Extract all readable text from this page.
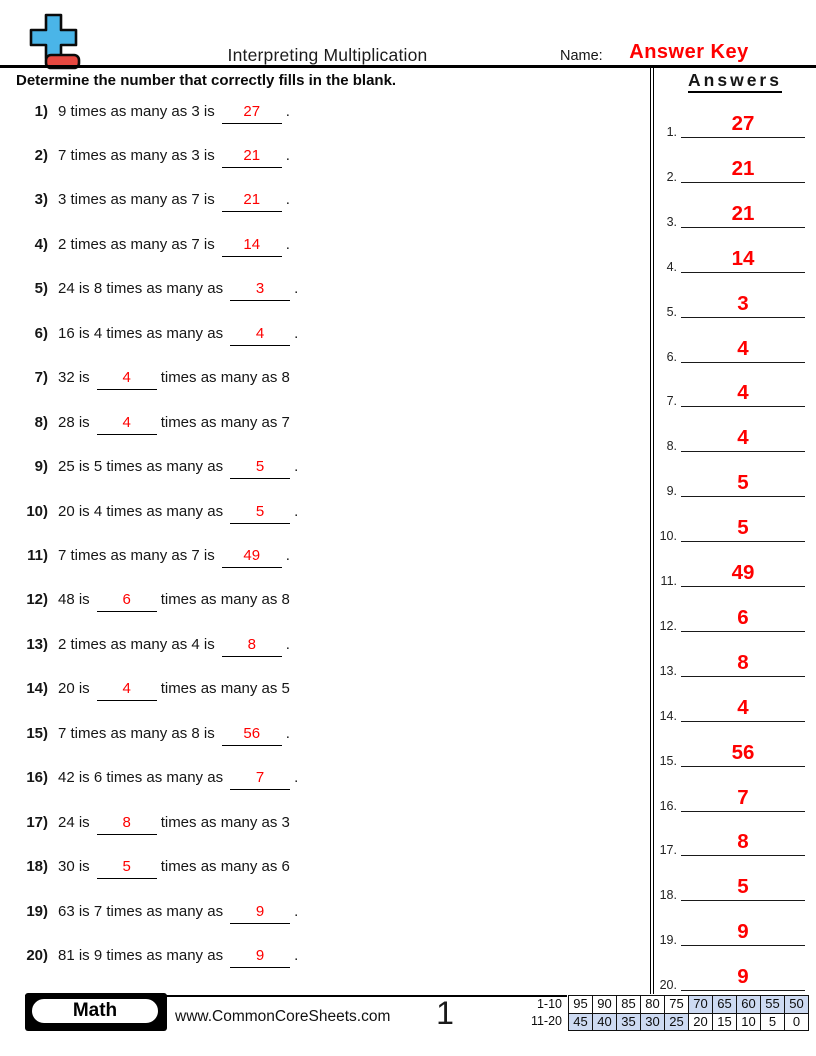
Interpreting Multiplication	Name: Answer Key
Determine the number that correctly fills in the blank.
1) 9 times as many as 3 is 27 .
2) 7 times as many as 3 is 21 .
3) 3 times as many as 7 is 21 .
4) 2 times as many as 7 is 14 .
5) 24 is 8 times as many as 3 .
6) 16 is 4 times as many as 4 .
7) 32 is 4 times as many as 8
8) 28 is 4 times as many as 7
9) 25 is 5 times as many as 5 .
10) 20 is 4 times as many as 5 .
11) 7 times as many as 7 is 49 .
12) 48 is 6 times as many as 8
13) 2 times as many as 4 is 8 .
14) 20 is 4 times as many as 5
15) 7 times as many as 8 is 56 .
16) 42 is 6 times as many as 7 .
17) 24 is 8 times as many as 3
18) 30 is 5 times as many as 6
19) 63 is 7 times as many as 9 .
20) 81 is 9 times as many as 9 .
Answers
1.	27
2.	21
3.	21
4.	14
5.	3
6.	4
7.	4
8.	4
9.	5
10.	5
11.	49
12.	6
13.	8
14.	4
15.	56
16.	7
17.	8
18.	5
19.	9
20.	9
Math	www.CommonCoreSheets.com	1	1-10	95	90	85	80	75	70	65	60	55	50
11-20	45	40	35	30	25	20	15	10	5	0
